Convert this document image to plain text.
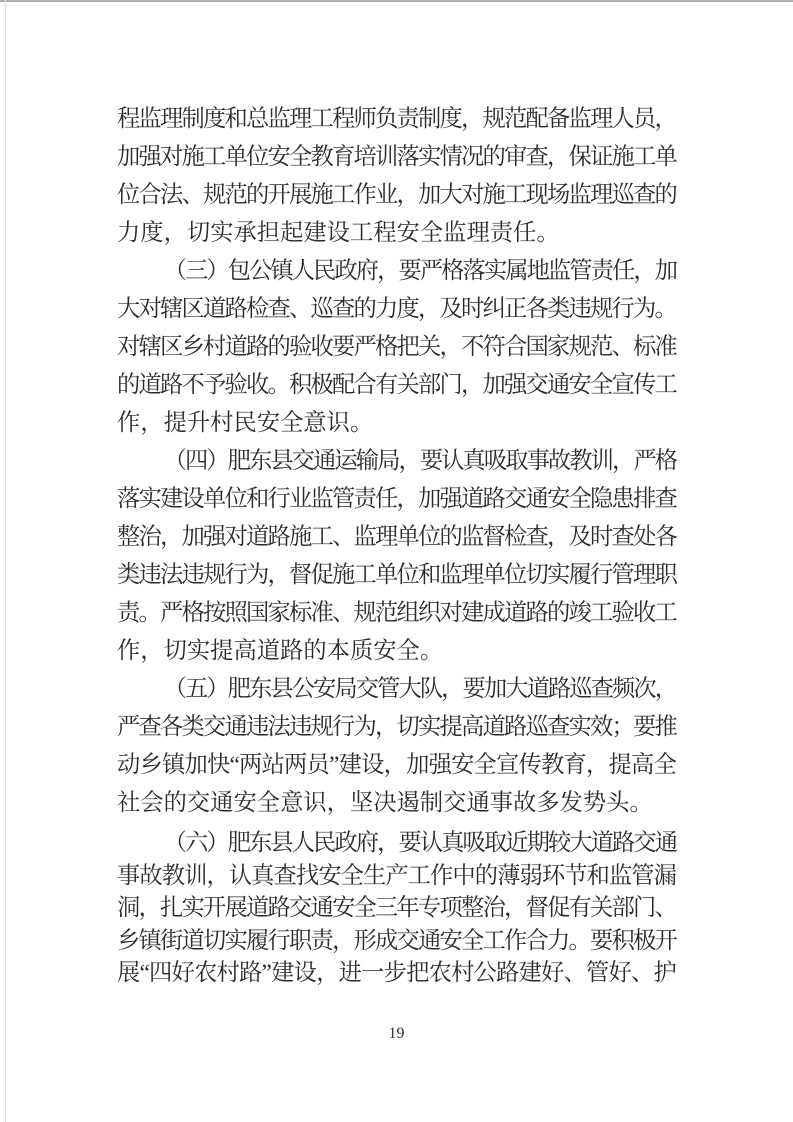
程监理制度和总监理工程师负责制度，规范配备监理人员，
加强对施工单位安全教育培训落实情况的审查，保证施工单
位合法、规范的开展施工作业，加大对施工现场监理巡查的
力度，切实承担起建设工程安全监理责任。
（三）包公镇人民政府，要严格落实属地监管责任，加
大对辖区道路检查、巡查的力度，及时纠正各类违规行为。
对辖区乡村道路的验收要严格把关，不符合国家规范、标准
的道路不予验收。积极配合有关部门，加强交通安全宣传工
作，提升村民安全意识。
（四）肥东县交通运输局，要认真吸取事故教训，严格
落实建设单位和行业监管责任，加强道路交通安全隐患排查
整治，加强对道路施工、监理单位的监督检查，及时查处各
类违法违规行为，督促施工单位和监理单位切实履行管理职
责。严格按照国家标准、规范组织对建成道路的竣工验收工
作，切实提高道路的本质安全。
（五）肥东县公安局交管大队，要加大道路巡查频次，
严查各类交通违法违规行为，切实提高道路巡查实效；要推
动乡镇加快“两站两员”建设，加强安全宣传教育，提高全
社会的交通安全意识，坚决遏制交通事故多发势头。
（六）肥东县人民政府，要认真吸取近期较大道路交通
事故教训，认真查找安全生产工作中的薄弱环节和监管漏
洞，扎实开展道路交通安全三年专项整治，督促有关部门、
乡镇街道切实履行职责，形成交通安全工作合力。要积极开
展“四好农村路”建设，进一步把农村公路建好、管好、护
19
